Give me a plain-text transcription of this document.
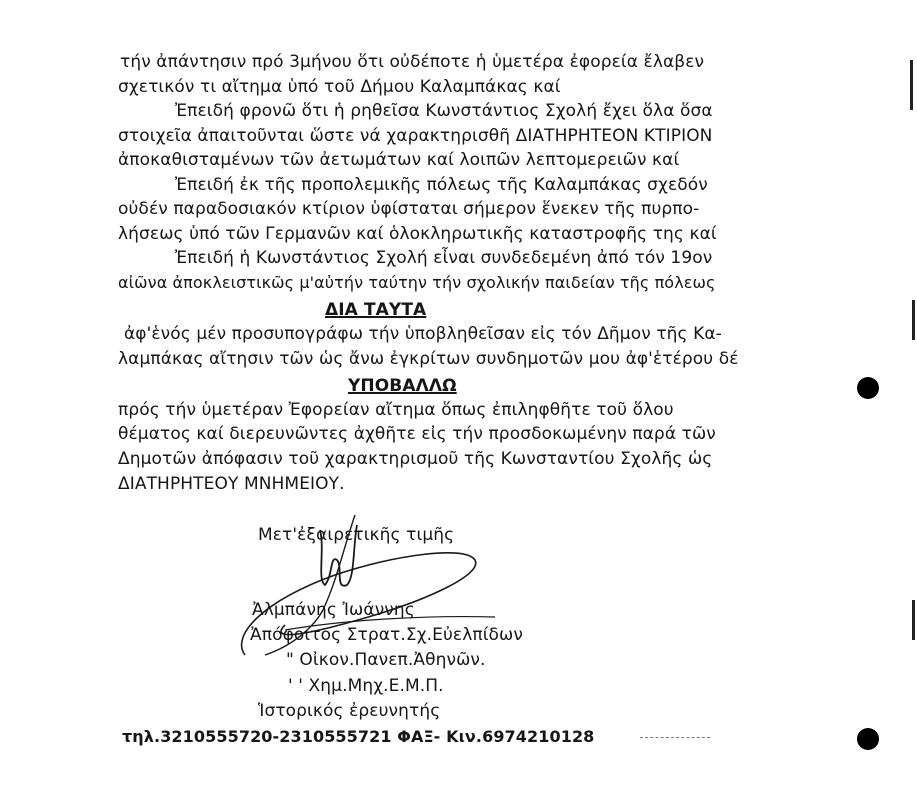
τήν ἀπάντησιν πρό 3μήνου ὅτι οὐδέποτε ἡ ὑμετέρα ἐφορεία ἔλαβεν
σχετικόν τι αἴτημα ὑπό τοῦ Δήμου Καλαμπάκας καί
Ἐπειδή φρονῶ ὅτι ἡ ρηθεῖσα Κωνστάντιος Σχολή ἔχει ὅλα ὅσα
στοιχεῖα ἀπαιτοῦνται ὥστε νά χαρακτηρισθῆ ΔΙΑΤΗΡΗΤΕΟΝ ΚΤΙΡΙΟΝ
ἀποκαθισταμένων τῶν ἀετωμάτων καί λοιπῶν λεπτομερειῶν καί
Ἐπειδή ἐκ τῆς προπολεμικῆς πόλεως τῆς Καλαμπάκας σχεδόν
οὐδέν παραδοσιακόν κτίριον ὑφίσταται σήμερον ἕνεκεν τῆς πυρπο-
λήσεως ὑπό τῶν Γερμανῶν καί ὁλοκληρωτικῆς καταστροφῆς της καί
Ἐπειδή ἡ Κωνστάντιος Σχολή εἶναι συνδεδεμένη ἀπό τόν 19ον
αἰῶνα ἀποκλειστικῶς μ'αὐτήν ταύτην τήν σχολικήν παιδείαν τῆς πόλεως
ΔΙΑ ΤΑΥΤΑ
ἀφ'ἑνός μέν προσυπογράφω τήν ὑποβληθεῖσαν εἰς τόν Δῆμον τῆς Κα-
λαμπάκας αἴτησιν τῶν ὡς ἄνω ἐγκρίτων συνδημοτῶν μου ἀφ'ἑτέρου δέ
ΥΠΟΒΑΛΛΩ
πρός τήν ὑμετέραν Ἐφορείαν αἴτημα ὅπως ἐπιληφθῆτε τοῦ ὅλου
θέματος καί διερευνῶντες ἀχθῆτε εἰς τήν προσδοκωμένην παρά τῶν
Δημοτῶν ἀπόφασιν τοῦ χαρακτηρισμοῦ τῆς Κωνσταντίου Σχολῆς ὡς
ΔΙΑΤΗΡΗΤΕΟΥ ΜΝΗΜΕΙΟΥ.
Μετ'ἐξαιρετικῆς τιμῆς
Ἀλμπάνης Ἰωάννης
Ἀπόφοιτος Στρατ.Σχ.Εὐελπίδων
" Οἰκον.Πανεπ.Ἀθηνῶν.
' ' Χημ.Μηχ.Ε.Μ.Π.
Ἱστορικός ἐρευνητής
τηλ.3210555720-2310555721 ΦΑΞ- Κιν.6974210128
